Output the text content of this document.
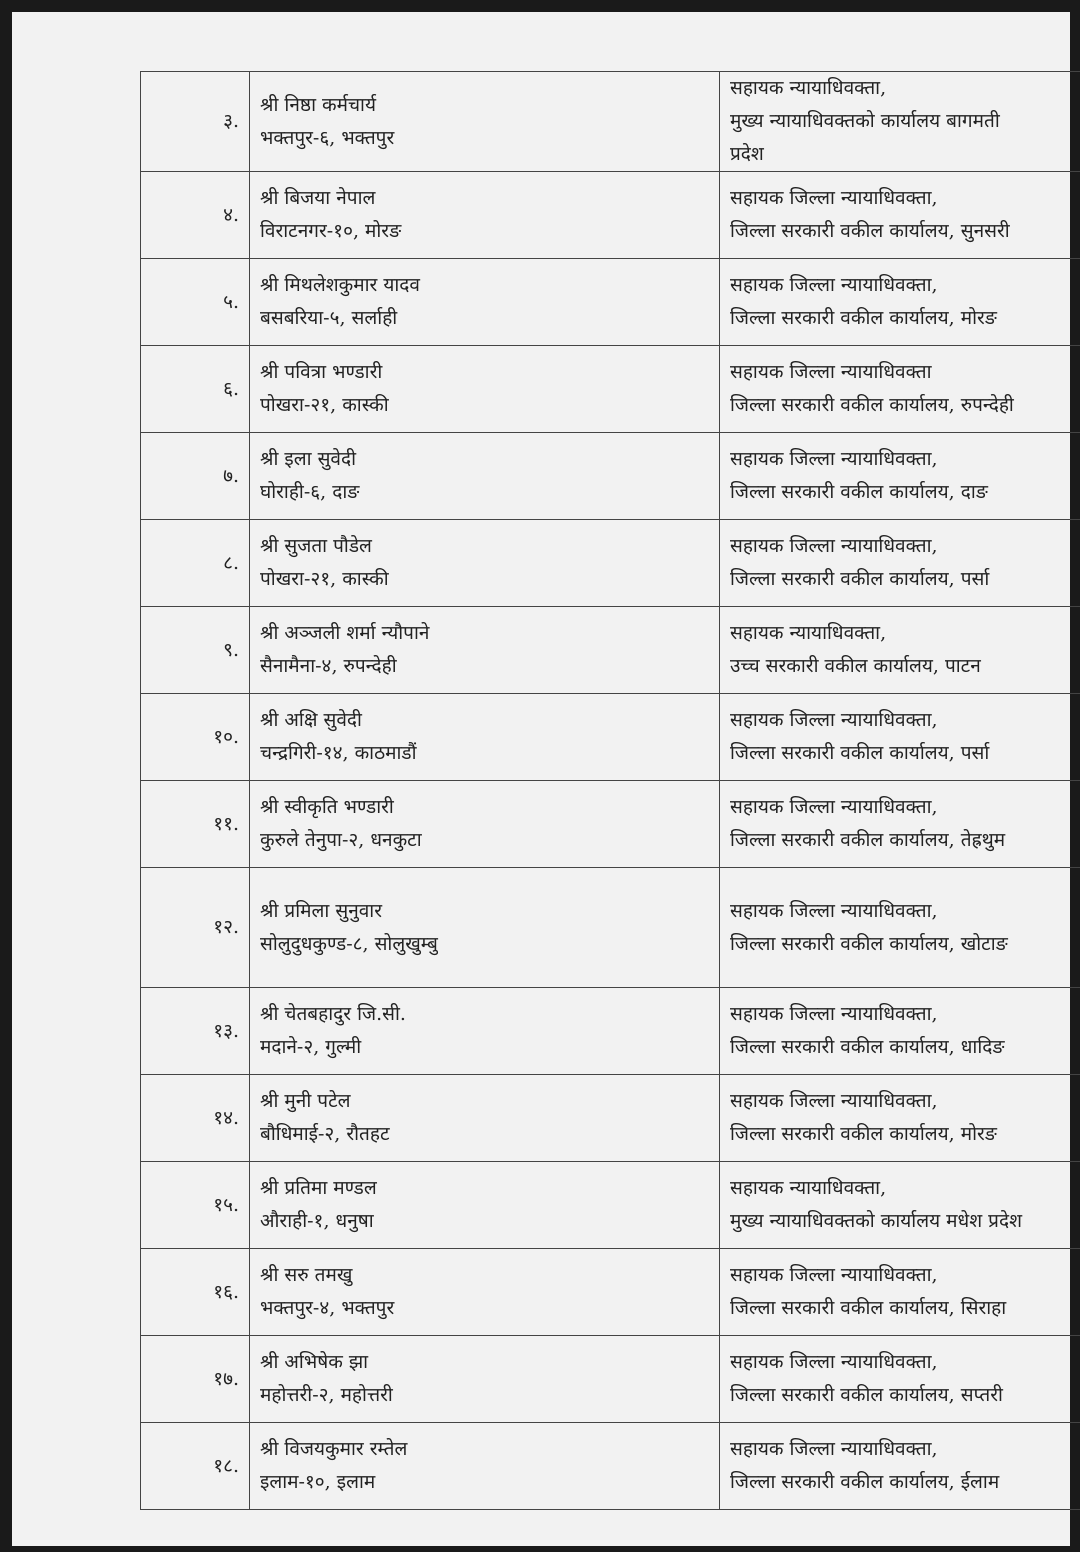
३.	श्री निष्ठा कर्मचार्य
भक्तपुर-६, भक्तपुर	सहायक न्यायाधिवक्ता,
मुख्य न्यायाधिवक्तको कार्यालय बागमती
प्रदेश

४.	श्री बिजया नेपाल
विराटनगर-१०, मोरङ	सहायक जिल्ला न्यायाधिवक्ता,
जिल्ला सरकारी वकील कार्यालय, सुनसरी

५.	श्री मिथलेशकुमार यादव
बसबरिया-५, सर्लाही	सहायक जिल्ला न्यायाधिवक्ता,
जिल्ला सरकारी वकील कार्यालय, मोरङ

६.	श्री पवित्रा भण्डारी
पोखरा-२१, कास्की	सहायक जिल्ला न्यायाधिवक्ता
जिल्ला सरकारी वकील कार्यालय, रुपन्देही

७.	श्री इला सुवेदी
घोराही-६, दाङ	सहायक जिल्ला न्यायाधिवक्ता,
जिल्ला सरकारी वकील कार्यालय, दाङ

८.	श्री सुजता पौडेल
पोखरा-२१, कास्की	सहायक जिल्ला न्यायाधिवक्ता,
जिल्ला सरकारी वकील कार्यालय, पर्सा

९.	श्री अञ्जली शर्मा न्यौपाने
सैनामैना-४, रुपन्देही	सहायक न्यायाधिवक्ता,
उच्च सरकारी वकील कार्यालय, पाटन

१०.	श्री अक्षि सुवेदी
चन्द्रगिरी-१४, काठमाडौं	सहायक जिल्ला न्यायाधिवक्ता,
जिल्ला सरकारी वकील कार्यालय, पर्सा

११.	श्री स्वीकृति भण्डारी
कुरुले तेनुपा-२, धनकुटा	सहायक जिल्ला न्यायाधिवक्ता,
जिल्ला सरकारी वकील कार्यालय, तेह्रथुम

१२.	श्री प्रमिला सुनुवार
सोलुदुधकुण्ड-८, सोलुखुम्बु	सहायक जिल्ला न्यायाधिवक्ता,
जिल्ला सरकारी वकील कार्यालय, खोटाङ

१३.	श्री चेतबहादुर जि.सी.
मदाने-२, गुल्मी	सहायक जिल्ला न्यायाधिवक्ता,
जिल्ला सरकारी वकील कार्यालय, धादिङ

१४.	श्री मुनी पटेल
बौधिमाई-२, रौतहट	सहायक जिल्ला न्यायाधिवक्ता,
जिल्ला सरकारी वकील कार्यालय, मोरङ

१५.	श्री प्रतिमा मण्डल
औराही-१, धनुषा	सहायक न्यायाधिवक्ता,
मुख्य न्यायाधिवक्तको कार्यालय मधेश प्रदेश

१६.	श्री सरु तमखु
भक्तपुर-४, भक्तपुर	सहायक जिल्ला न्यायाधिवक्ता,
जिल्ला सरकारी वकील कार्यालय, सिराहा

१७.	श्री अभिषेक झा
महोत्तरी-२, महोत्तरी	सहायक जिल्ला न्यायाधिवक्ता,
जिल्ला सरकारी वकील कार्यालय, सप्तरी

१८.	श्री विजयकुमार रम्तेल
इलाम-१०, इलाम	सहायक जिल्ला न्यायाधिवक्ता,
जिल्ला सरकारी वकील कार्यालय, ईलाम
